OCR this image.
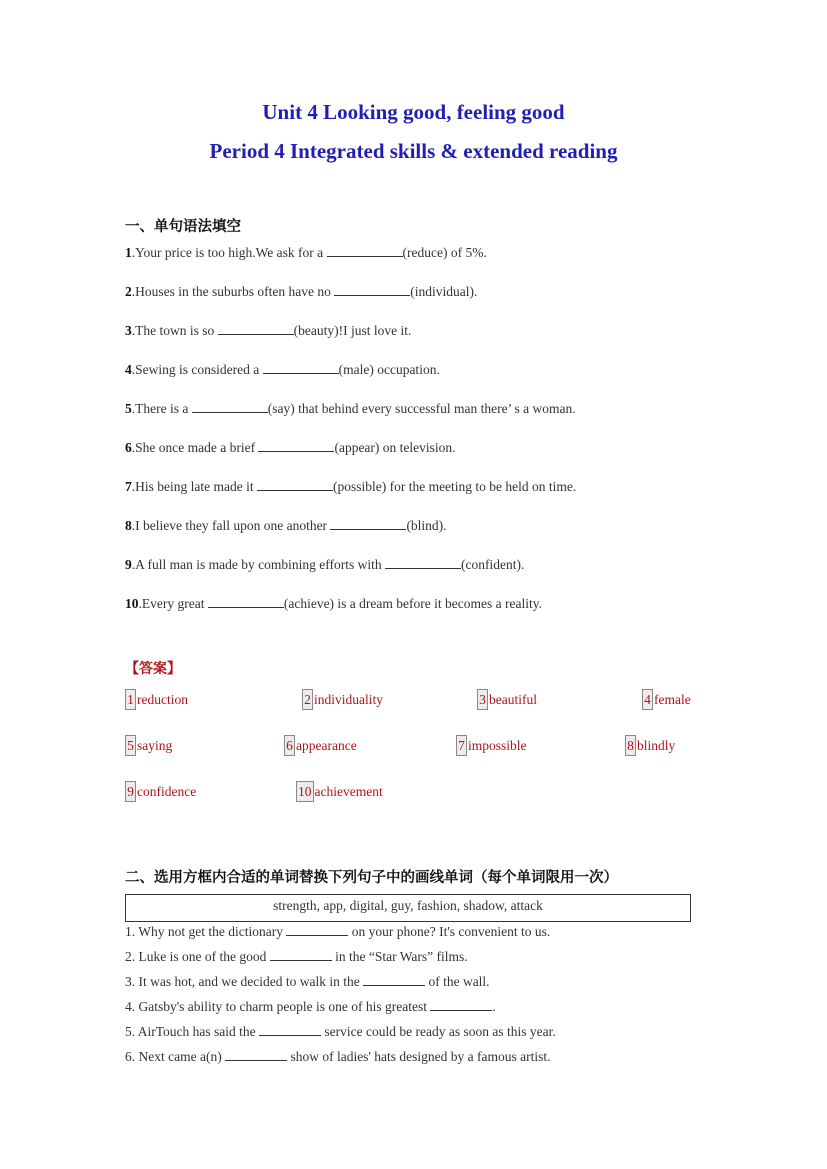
Unit 4 Looking good, feeling good
Period 4 Integrated skills & extended reading
一、单句语法填空
1.Your price is too high.We ask for a	(reduce) of 5%.
2.Houses in the suburbs often have no	(individual).
3.The town is so	(beauty)!I just love it.
4.Sewing is considered a	(male) occupation.
5.There is a	(say) that behind every successful man there’ s a woman.
6.She once made a brief	(appear) on television.
7.His being late made it	(possible) for the meeting to be held on time.
8.I believe they fall upon one another	(blind).
9.A full man is made by combining efforts with	(confident).
10.Every great	(achieve) is a dream before it becomes a reality.
【答案】
1 reduction	2 individuality	3 beautiful	4 female
5 saying	6 appearance	7 impossible	8 blindly
9 confidence	10 achievement
二、选用方框内合适的单词替换下列句子中的画线单词（每个单词限用一次）
strength, app, digital, guy, fashion, shadow, attack
1. Why not get the dictionary	on your phone? It's convenient to us.
2. Luke is one of the good	in the “Star Wars” films.
3. It was hot, and we decided to walk in the	of the wall.
4. Gatsby's ability to charm people is one of his greatest	.
5. AirTouch has said the	service could be ready as soon as this year.
6. Next came a(n)	show of ladies' hats designed by a famous artist.
